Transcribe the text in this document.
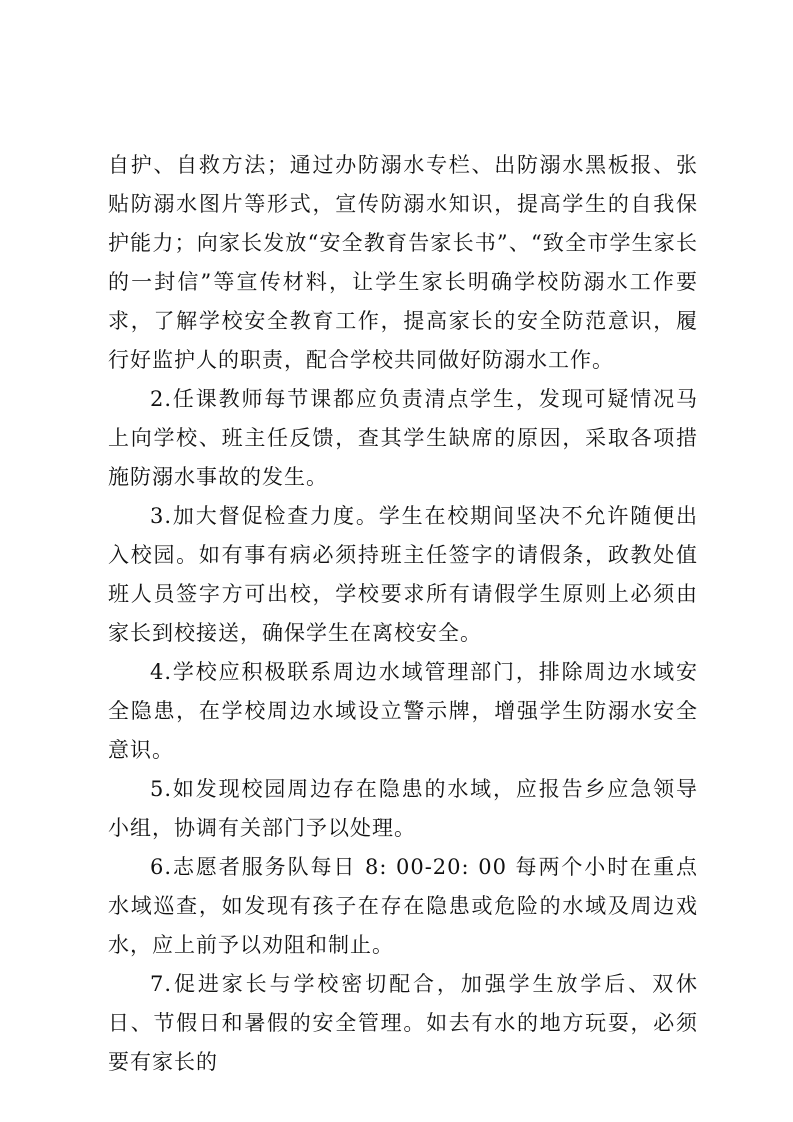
自护、自救方法；通过办防溺水专栏、出防溺水黑板报、张贴防溺水图片等形式，宣传防溺水知识，提高学生的自我保护能力；向家长发放“安全教育告家长书”、“致全市学生家长的一封信”等宣传材料，让学生家长明确学校防溺水工作要求，了解学校安全教育工作，提高家长的安全防范意识，履行好监护人的职责，配合学校共同做好防溺水工作。

2.任课教师每节课都应负责清点学生，发现可疑情况马上向学校、班主任反馈，查其学生缺席的原因，采取各项措施防溺水事故的发生。

3.加大督促检查力度。学生在校期间坚决不允许随便出入校园。如有事有病必须持班主任签字的请假条，政教处值班人员签字方可出校，学校要求所有请假学生原则上必须由家长到校接送，确保学生在离校安全。

4.学校应积极联系周边水域管理部门，排除周边水域安全隐患，在学校周边水域设立警示牌，增强学生防溺水安全意识。

5.如发现校园周边存在隐患的水域，应报告乡应急领导小组，协调有关部门予以处理。

6.志愿者服务队每日 8: 00-20: 00 每两个小时在重点水域巡查，如发现有孩子在存在隐患或危险的水域及周边戏水，应上前予以劝阻和制止。

7.促进家长与学校密切配合，加强学生放学后、双休日、节假日和暑假的安全管理。如去有水的地方玩耍，必须要有家长的
